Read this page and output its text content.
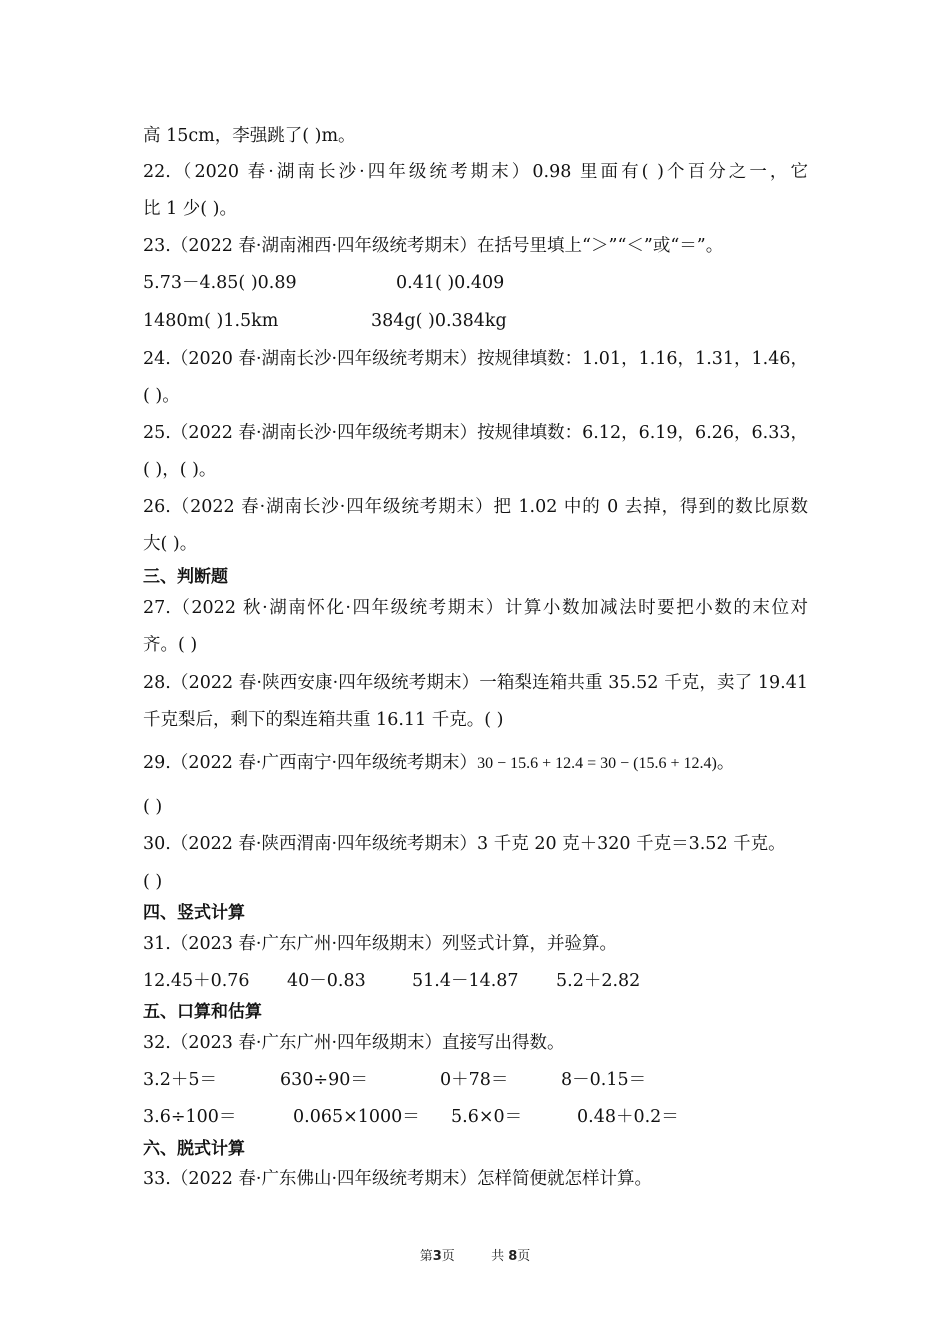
高 15cm，李强跳了( )m。
22.（2020 春·湖南长沙·四年级统考期末）0.98 里面有( )个百分之一，它
比 1 少( )。
23.（2022 春·湖南湘西·四年级统考期末）在括号里填上“＞”“＜”或“＝”。
5.73－4.85( )0.89	0.41( )0.409
1480m( )1.5km	384g( )0.384kg
24.（2020 春·湖南长沙·四年级统考期末）按规律填数：1.01，1.16，1.31，1.46，
( )。
25.（2022 春·湖南长沙·四年级统考期末）按规律填数：6.12，6.19，6.26，6.33，
( )，( )。
26.（2022 春·湖南长沙·四年级统考期末）把 1.02 中的 0 去掉，得到的数比原数
大( )。
三、判断题
27.（2022 秋·湖南怀化·四年级统考期末）计算小数加减法时要把小数的末位对
齐。( )
28.（2022 春·陕西安康·四年级统考期末）一箱梨连箱共重 35.52 千克，卖了 19.41
千克梨后，剩下的梨连箱共重 16.11 千克。( )
29.（2022 春·广西南宁·四年级统考期末）30 − 15.6 + 12.4 = 30 − (15.6 + 12.4)。
( )
30.（2022 春·陕西渭南·四年级统考期末）3 千克 20 克＋320 千克＝3.52 千克。
( )
四、竖式计算
31.（2023 春·广东广州·四年级期末）列竖式计算，并验算。
12.45＋0.76 40－0.83	51.4－14.87 5.2＋2.82
五、口算和估算
32.（2023 春·广东广州·四年级期末）直接写出得数。
3.2＋5＝	630÷90＝	0＋78＝	8－0.15＝
3.6÷100＝	0.065×1000＝ 5.6×0＝	0.48＋0.2＝
六、脱式计算
33.（2022 春·广东佛山·四年级统考期末）怎样简便就怎样计算。
第3页	共 8页
